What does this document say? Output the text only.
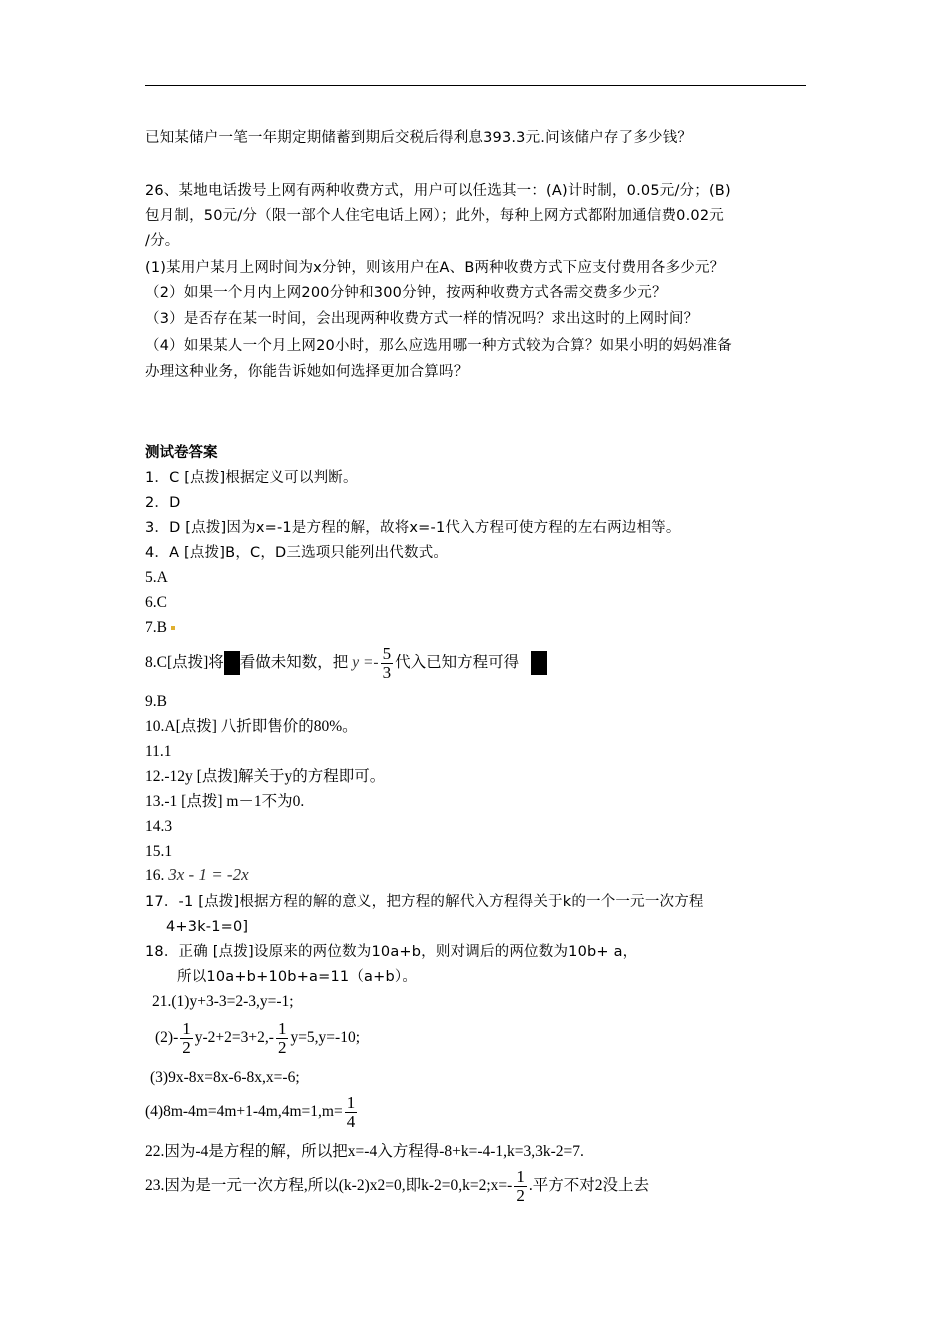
已知某储户一笔一年期定期储蓄到期后交税后得利息393.3元.问该储户存了多少钱？
26、某地电话拨号上网有两种收费方式，用户可以任选其一：(A)计时制，0.05元/分；(B)
包月制，50元/分（限一部个人住宅电话上网）；此外，每种上网方式都附加通信费0.02元
/分。
(1)某用户某月上网时间为x分钟，则该用户在A、B两种收费方式下应支付费用各多少元？
（2）如果一个月内上网200分钟和300分钟，按两种收费方式各需交费多少元？
（3）是否存在某一时间，会出现两种收费方式一样的情况吗？求出这时的上网时间？
（4）如果某人一个月上网20小时，那么应选用哪一种方式较为合算？如果小明的妈妈准备
办理这种业务，你能告诉她如何选择更加合算吗？
测试卷答案
1．C [点拨]根据定义可以判断。
2．D
3．D [点拨]因为x=-1是方程的解，故将x=-1代入方程可使方程的左右两边相等。
4．A [点拨]B，C，D三选项只能列出代数式。
5.A
6.C
7.B
8.C[点拨]将 看做未知数，把 $y =- \frac{5}{3}$ 代入已知方程可得
9.B
10.A[点拨] 八折即售价的80%。
11.1
12.-12y [点拨]解关于y的方程即可。
13.-1 [点拨] m－1不为0.
14.3
15.1
16. 3x - 1 = -2x
17．-1 [点拨]根据方程的解的意义，把方程的解代入方程得关于k的一个一元一次方程
4+3k-1=0]
18．正确 [点拨]设原来的两位数为10a+b，则对调后的两位数为10b+ a，
所以10a+b+10b+a=11（a+b）。
21.(1)y+3-3=2-3,y=-1;
$(2)- \frac{1}{2} y-2+2=3+2,- \frac{1}{2} y=5,y=-10$;
(3)9x-8x=8x-6-8x,x=-6;
$(4)8m-4m=4m+1-4m,4m=1,m= \frac{1}{4}$
22.因为-4是方程的解，所以把x=-4入方程得-8+k=-4-1,k=3,3k-2=7.
23.因为是一元一次方程,所以(k-2)x2=0,即k-2=0,k=2;x=- $\frac{1}{2}$ .平方不对2没上去
